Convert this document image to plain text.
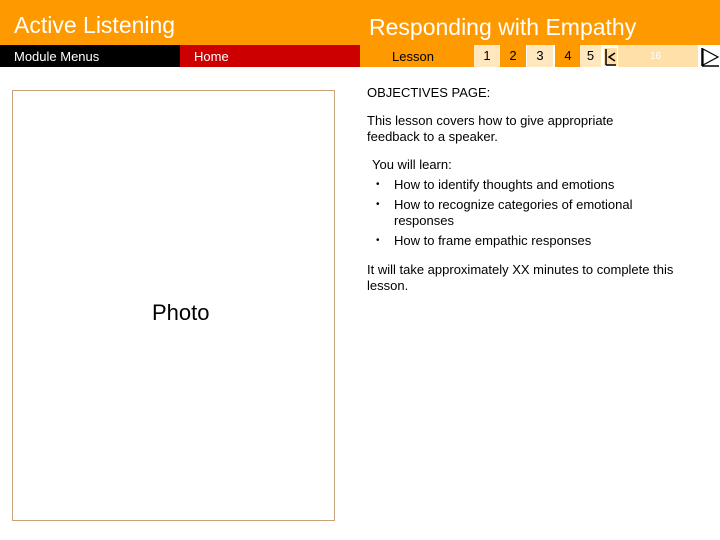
Active Listening	Responding with Empathy
Module Menus	Home	Lesson	1	2	3	4	5	16
Photo
OBJECTIVES PAGE:
This lesson covers how to give appropriate feedback to a speaker.
You will learn:
• How to identify thoughts and emotions
• How to recognize categories of emotional responses
• How to frame empathic responses
It will take approximately XX minutes to complete this lesson.
